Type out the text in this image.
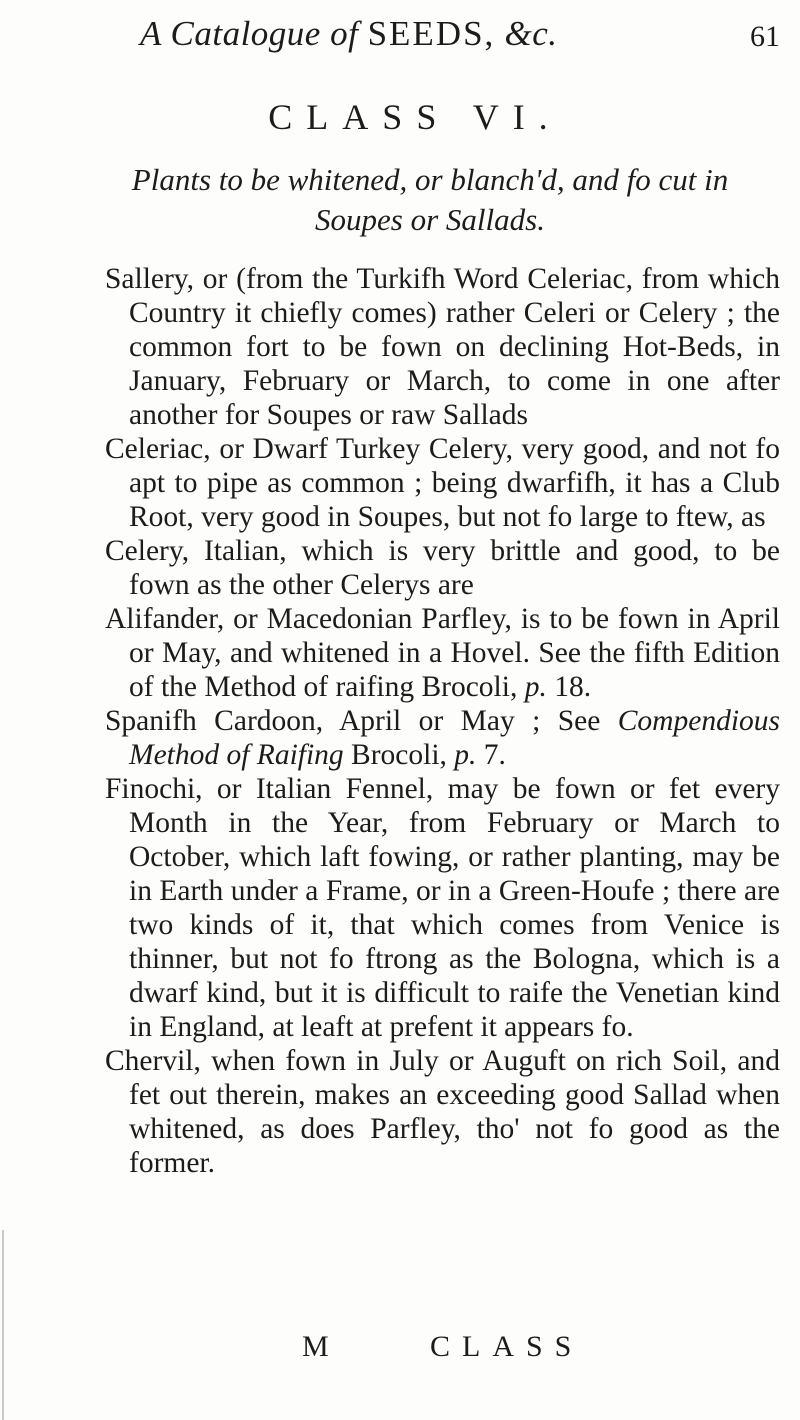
A Catalogue of SEEDS, &c.	61
CLASS VI.
Plants to be whitened, or blanch'd, and fo cut in
Soupes or Sallads.

Sallery, or (from the Turkifh Word Celeriac, from which Country it chiefly comes) rather Celeri or Celery ; the common fort to be fown on declining Hot-Beds, in January, February or March, to come in one after another for Soupes or raw Sallads

Celeriac, or Dwarf Turkey Celery, very good, and not fo apt to pipe as common ; being dwarfifh, it has a Club Root, very good in Soupes, but not fo large to ftew, as

Celery, Italian, which is very brittle and good, to be fown as the other Celerys are

Alifander, or Macedonian Parfley, is to be fown in April or May, and whitened in a Hovel. See the fifth Edition of the Method of raifing Brocoli, p. 18.

Spanifh Cardoon, April or May ; See Compendious Method of Raifing Brocoli, p. 7.

Finochi, or Italian Fennel, may be fown or fet every Month in the Year, from February or March to October, which laft fowing, or rather planting, may be in Earth under a Frame, or in a Green-Houfe ; there are two kinds of it, that which comes from Venice is thinner, but not fo ftrong as the Bologna, which is a dwarf kind, but it is difficult to raife the Venetian kind in England, at leaft at prefent it appears fo.

Chervil, when fown in July or Auguft on rich Soil, and fet out therein, makes an exceeding good Sallad when whitened, as does Parfley, tho' not fo good as the former.

M	CLASS
